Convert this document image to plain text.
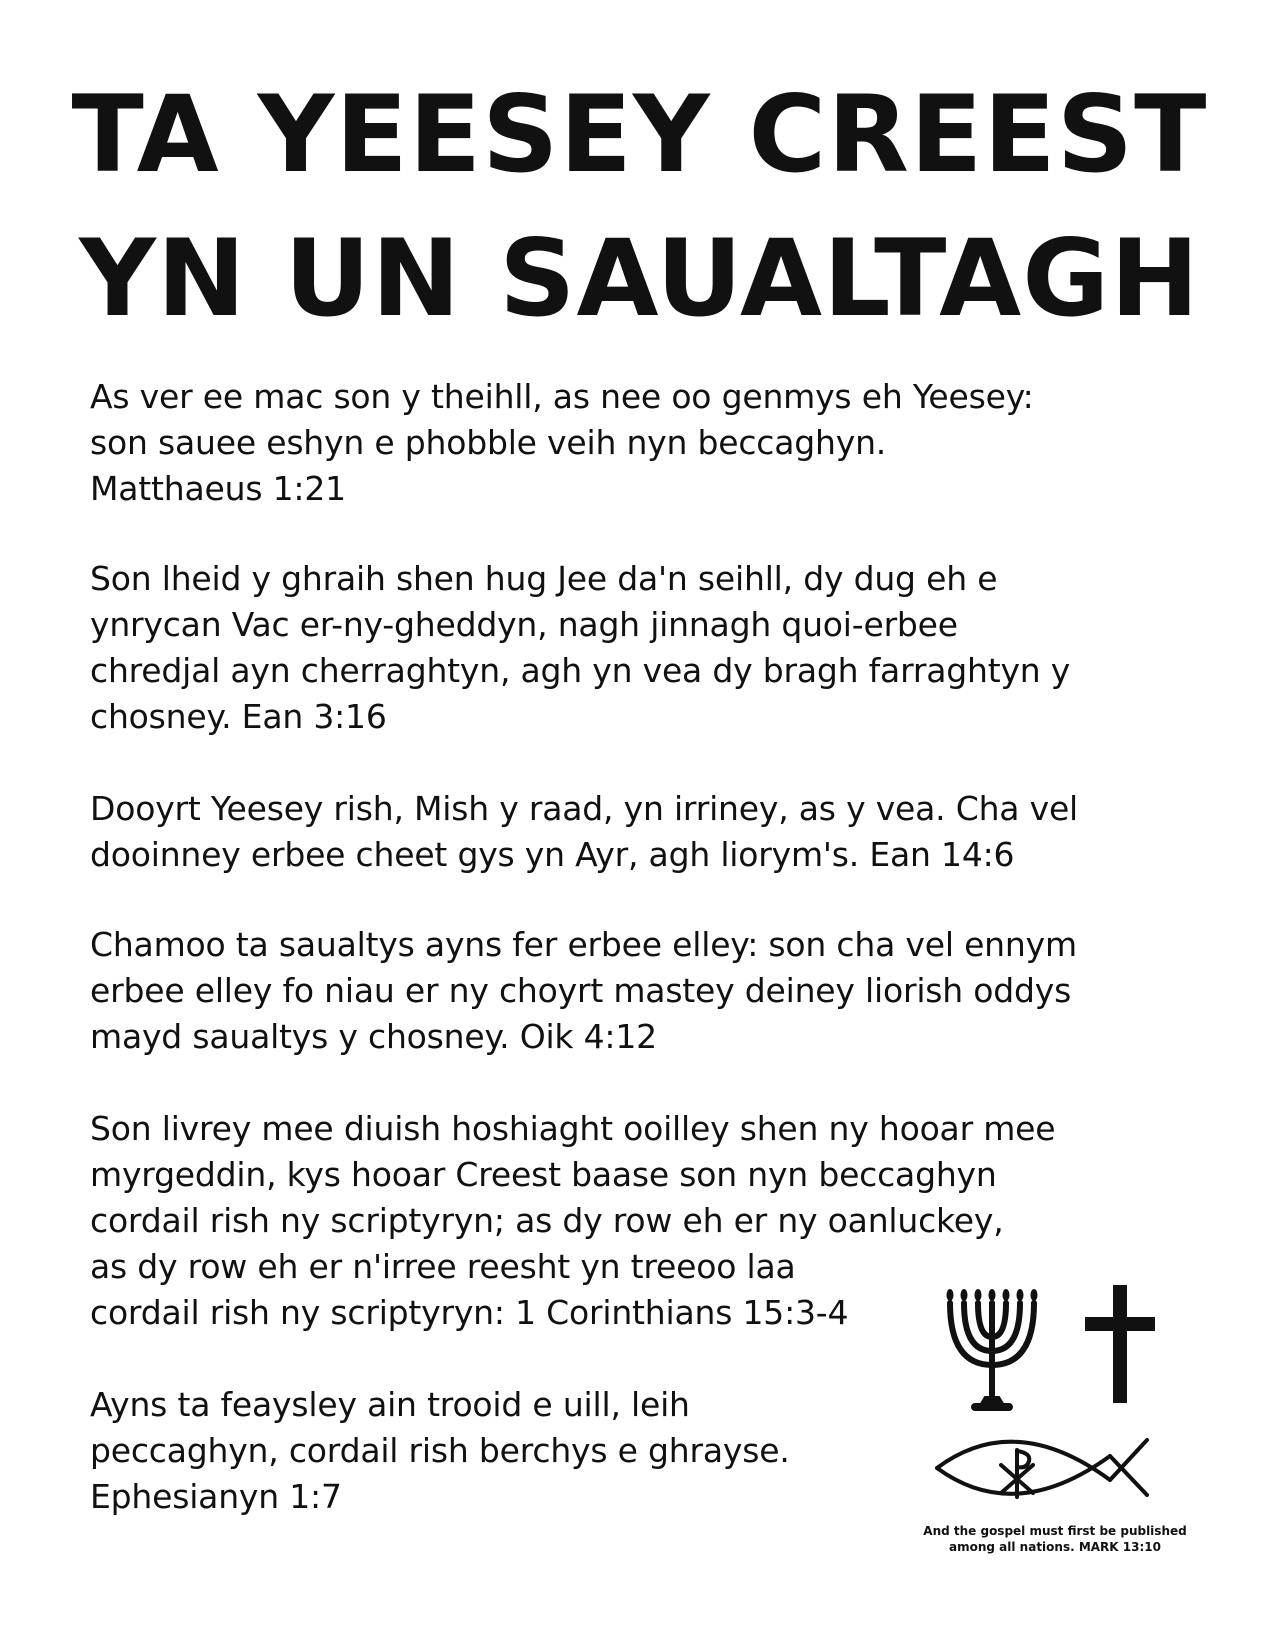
TA YEESEY CREEST
YN UN SAUALTAGH
As ver ee mac son y theihll, as nee oo genmys eh Yeesey:
son sauee eshyn e phobble veih nyn beccaghyn.
Matthaeus 1:21
Son lheid y ghraih shen hug Jee da'n seihll, dy dug eh e
ynrycan Vac er-ny-gheddyn, nagh jinnagh quoi-erbee
chredjal ayn cherraghtyn, agh yn vea dy bragh farraghtyn y
chosney. Ean 3:16
Dooyrt Yeesey rish, Mish y raad, yn irriney, as y vea. Cha vel
dooinney erbee cheet gys yn Ayr, agh liorym's. Ean 14:6
Chamoo ta saualtys ayns fer erbee elley: son cha vel ennym
erbee elley fo niau er ny choyrt mastey deiney liorish oddys
mayd saualtys y chosney. Oik 4:12
Son livrey mee diuish hoshiaght ooilley shen ny hooar mee
myrgeddin, kys hooar Creest baase son nyn beccaghyn
cordail rish ny scriptyryn; as dy row eh er ny oanluckey,
as dy row eh er n'irree reesht yn treeoo laa
cordail rish ny scriptyryn: 1 Corinthians 15:3-4
Ayns ta feaysley ain trooid e uill, leih
peccaghyn, cordail rish berchys e ghrayse.
Ephesianyn 1:7
And the gospel must first be published
among all nations. MARK 13:10
